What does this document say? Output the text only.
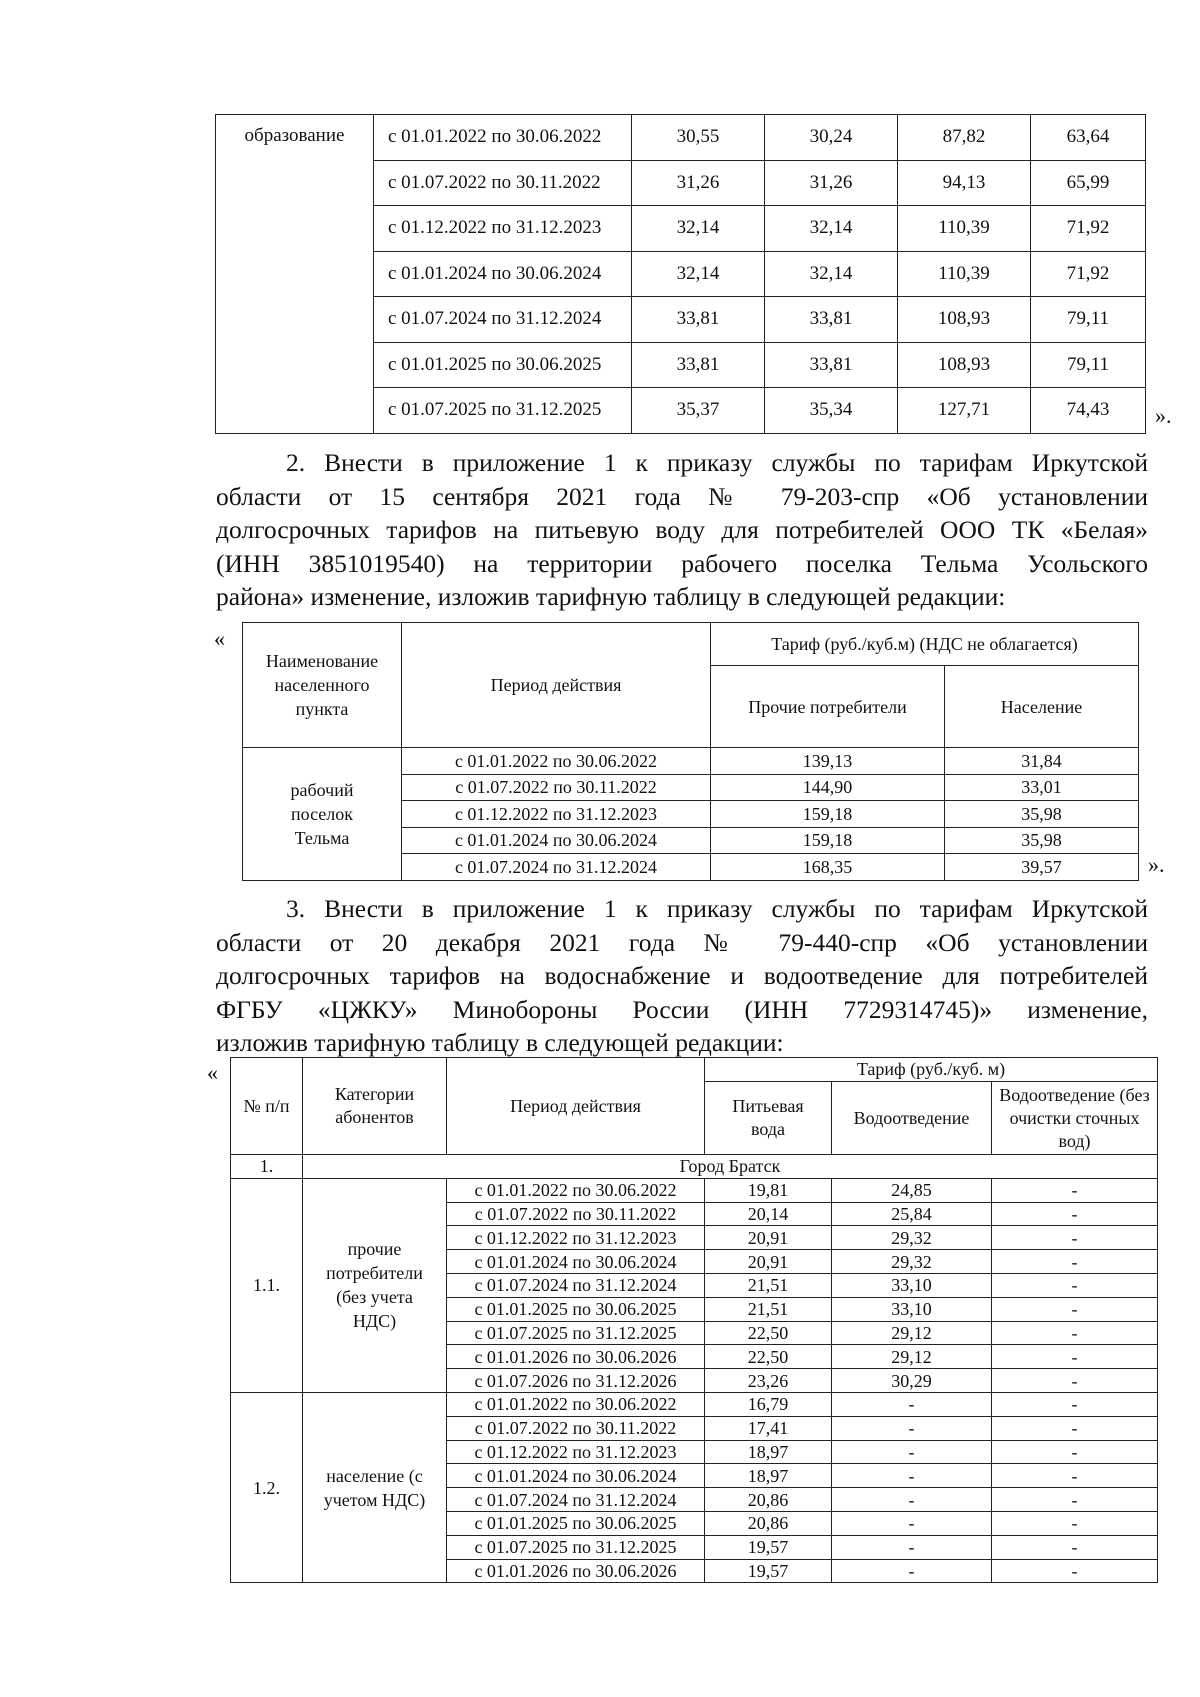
образование	с 01.01.2022 по 30.06.2022	30,55	30,24	87,82	63,64
	с 01.07.2022 по 30.11.2022	31,26	31,26	94,13	65,99
	с 01.12.2022 по 31.12.2023	32,14	32,14	110,39	71,92
	с 01.01.2024 по 30.06.2024	32,14	32,14	110,39	71,92
	с 01.07.2024 по 31.12.2024	33,81	33,81	108,93	79,11
	с 01.01.2025 по 30.06.2025	33,81	33,81	108,93	79,11
	с 01.07.2025 по 31.12.2025	35,37	35,34	127,71	74,43 ».
2. Внести в приложение 1 к приказу службы по тарифам Иркутской
области от 15 сентября 2021 года № 79-203-спр «Об установлении
долгосрочных тарифов на питьевую воду для потребителей ООО ТК «Белая»
(ИНН 3851019540) на территории рабочего поселка Тельма Усольского
района» изменение, изложив тарифную таблицу в следующей редакции:
«
Наименование населенного пункта	Период действия	Тариф (руб./куб.м) (НДС не облагается)	
		Прочие потребители	Население
рабочий поселок Тельма	с 01.01.2022 по 30.06.2022	139,13	31,84
	с 01.07.2022 по 30.11.2022	144,90	33,01
	с 01.12.2022 по 31.12.2023	159,18	35,98
	с 01.01.2024 по 30.06.2024	159,18	35,98
	с 01.07.2024 по 31.12.2024	168,35	39,57	».
3. Внести в приложение 1 к приказу службы по тарифам Иркутской
области от 20 декабря 2021 года № 79-440-спр «Об установлении
долгосрочных тарифов на водоснабжение и водоотведение для потребителей
ФГБУ «ЦЖКУ» Минобороны России (ИНН 7729314745)» изменение,
изложив тарифную таблицу в следующей редакции:
«
№ п/п	Категории абонентов	Период действия	Тариф (руб./куб. м)		
			Питьевая вода	Водоотведение	Водоотведение (без очистки сточных вод)
1.	Город Братск				
1.1.	прочие потребители (без учета НДС)	с 01.01.2022 по 30.06.2022	19,81	24,85	-
		с 01.07.2022 по 30.11.2022	20,14	25,84	-
		с 01.12.2022 по 31.12.2023	20,91	29,32	-
		с 01.01.2024 по 30.06.2024	20,91	29,32	-
		с 01.07.2024 по 31.12.2024	21,51	33,10	-
		с 01.01.2025 по 30.06.2025	21,51	33,10	-
		с 01.07.2025 по 31.12.2025	22,50	29,12	-
		с 01.01.2026 по 30.06.2026	22,50	29,12	-
		с 01.07.2026 по 31.12.2026	23,26	30,29	-
1.2.	население (с учетом НДС)	с 01.01.2022 по 30.06.2022	16,79	-	-
		с 01.07.2022 по 30.11.2022	17,41	-	-
		с 01.12.2022 по 31.12.2023	18,97	-	-
		с 01.01.2024 по 30.06.2024	18,97	-	-
		с 01.07.2024 по 31.12.2024	20,86	-	-
		с 01.01.2025 по 30.06.2025	20,86	-	-
		с 01.07.2025 по 31.12.2025	19,57	-	-
		с 01.01.2026 по 30.06.2026	19,57	-	-
